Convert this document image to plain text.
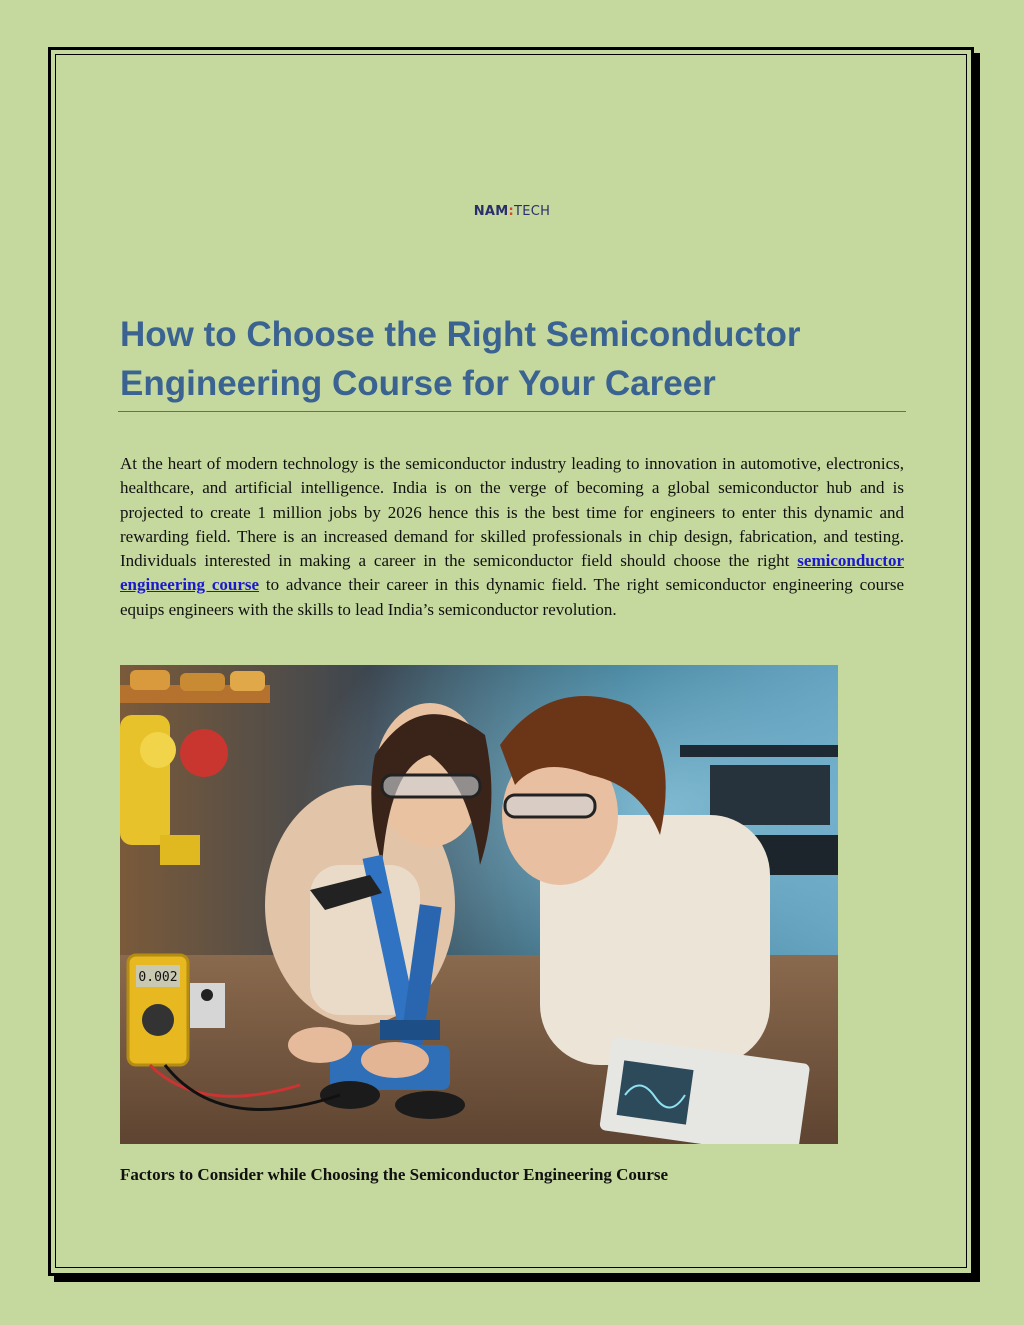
NAM:TECH
How to Choose the Right Semiconductor Engineering Course for Your Career

At the heart of modern technology is the semiconductor industry leading to innovation in automotive, electronics, healthcare, and artificial intelligence. India is on the verge of becoming a global semiconductor hub and is projected to create 1 million jobs by 2026 hence this is the best time for engineers to enter this dynamic and rewarding field. There is an increased demand for skilled professionals in chip design, fabrication, and testing. Individuals interested in making a career in the semiconductor field should choose the right semiconductor engineering course to advance their career in this dynamic field. The right semiconductor engineering course equips engineers with the skills to lead India’s semiconductor revolution.

0.002
Factors to Consider while Choosing the Semiconductor Engineering Course
